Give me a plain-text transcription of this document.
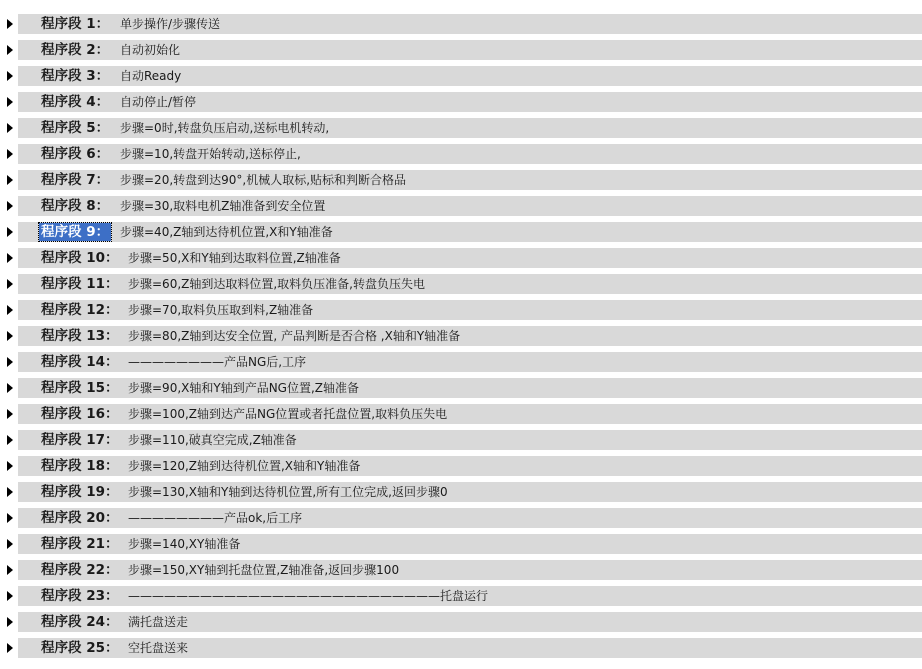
程序段 1： 单步操作/步骤传送
程序段 2： 自动初始化
程序段 3： 自动Ready
程序段 4： 自动停止/暂停
程序段 5： 步骤=0时,转盘负压启动,送标电机转动,
程序段 6： 步骤=10,转盘开始转动,送标停止,
程序段 7： 步骤=20,转盘到达90°,机械人取标,贴标和判断合格品
程序段 8： 步骤=30,取料电机Z轴准备到安全位置
程序段 9： 步骤=40,Z轴到达待机位置,X和Y轴准备
程序段 10： 步骤=50,X和Y轴到达取料位置,Z轴准备
程序段 11： 步骤=60,Z轴到达取料位置,取料负压准备,转盘负压失电
程序段 12： 步骤=70,取料负压取到料,Z轴准备
程序段 13： 步骤=80,Z轴到达安全位置, 产品判断是否合格 ,X轴和Y轴准备
程序段 14： ————————产品NG后,工序
程序段 15： 步骤=90,X轴和Y轴到产品NG位置,Z轴准备
程序段 16： 步骤=100,Z轴到达产品NG位置或者托盘位置,取料负压失电
程序段 17： 步骤=110,破真空完成,Z轴准备
程序段 18： 步骤=120,Z轴到达待机位置,X轴和Y轴准备
程序段 19： 步骤=130,X轴和Y轴到达待机位置,所有工位完成,返回步骤0
程序段 20： ————————产品ok,后工序
程序段 21： 步骤=140,XY轴准备
程序段 22： 步骤=150,XY轴到托盘位置,Z轴准备,返回步骤100
程序段 23： ——————————————————————————托盘运行
程序段 24： 满托盘送走
程序段 25： 空托盘送来
